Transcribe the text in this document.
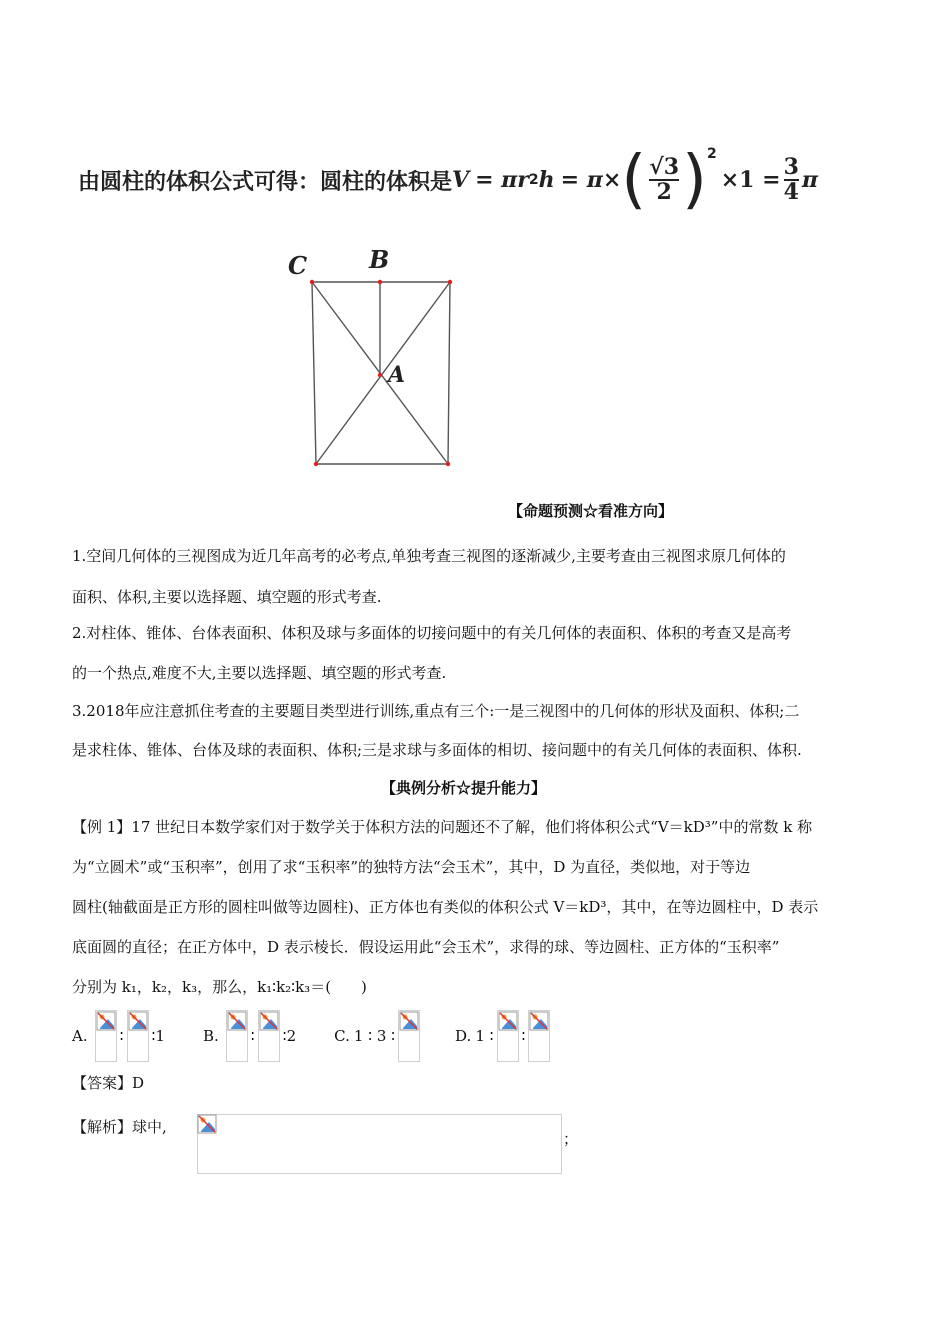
由圆柱的体积公式可得：圆柱的体积是 V = πr 2 h = π× ( $\frac{√3}{2}$ ) 2
$\times 1 = \frac{3}{4}$ π
C	B
A
【命题预测☆看准方向】
1.空间几何体的三视图成为近几年高考的必考点,单独考查三视图的逐渐减少,主要考查由三视图求原几何体的
面积、体积,主要以选择题、填空题的形式考查.
2.对柱体、锥体、台体表面积、体积及球与多面体的切接问题中的有关几何体的表面积、体积的考查又是高考
的一个热点,难度不大,主要以选择题、填空题的形式考查.
3.2018年应注意抓住考查的主要题目类型进行训练,重点有三个:一是三视图中的几何体的形状及面积、体积;二
是求柱体、锥体、台体及球的表面积、体积;三是求球与多面体的相切、接问题中的有关几何体的表面积、体积.
【典例分析☆提升能力】
【例 1】17 世纪日本数学家们对于数学关于体积方法的问题还不了解，他们将体积公式“V＝kD³”中的常数 k 称
为“立圆术”或“玉积率”，创用了求“玉积率”的独特方法“会玉术”，其中，D 为直径，类似地，对于等边
圆柱(轴截面是正方形的圆柱叫做等边圆柱)、正方体也有类似的体积公式 V＝kD³，其中，在等边圆柱中，D 表示
底面圆的直径；在正方体中，D 表示棱长．假设运用此“会玉术”，求得的球、等边圆柱、正方体的“玉积率”
分别为 k₁，k₂，k₃，那么，k₁∶k₂∶k₃＝(　　)
A. ∶ ∶ 1	B. ∶ ∶ 2	C. 1 ∶ 3 ∶	D. 1 ∶ ∶
【答案】D
【解析】球中,
；
